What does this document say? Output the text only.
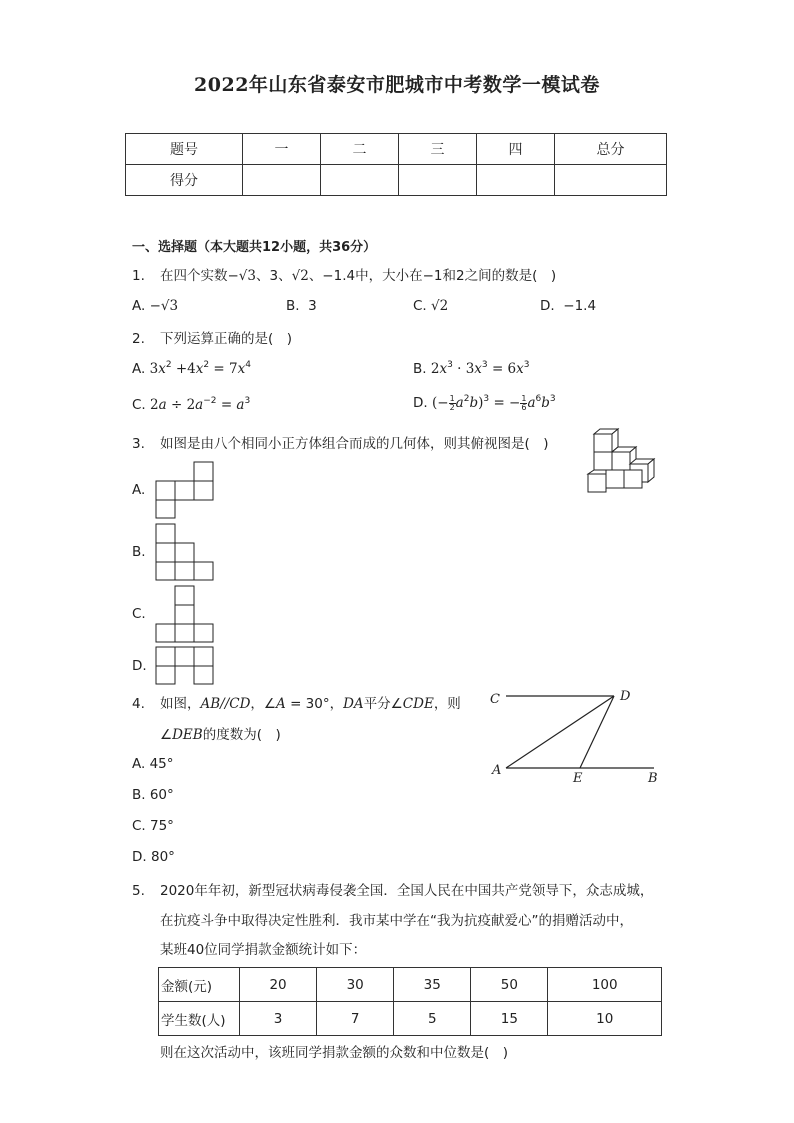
2022年山东省泰安市肥城市中考数学一模试卷
题号	一	二	三	四	总分
得分					
一、选择题（本大题共12小题，共36分）
1. 在四个实数−√3、3、√2、−1.4中，大小在−1和2之间的数是(　)
A. −√3	B. 3	C. √2	D. −1.4
2. 下列运算正确的是(　)
A. $3x^2 +4x^2 = 7x^4$	B. $2x^3 \cdot 3x^3 = 6x^3$
C. $2a \div 2a^{-2} = a^3$	D. (− $\frac{1}{2} a^2b)^3$ = − $\frac{1}{6} a^6b^3$
3. 如图是由八个相同小正方体组合而成的几何体，则其俯视图是(　)
A.
B.
C.
D.
4. 如图，AB//CD，∠A = 30°，DA平分∠CDE，则
∠DEB的度数为(　)
A. 45°
B. 60°
C. 75°
D. 80°
C	D
A
E	B
5. 2020年年初，新型冠状病毒侵袭全国．全国人民在中国共产党领导下，众志成城，
在抗疫斗争中取得决定性胜利．我市某中学在“我为抗疫献爱心”的捐赠活动中，
某班40位同学捐款金额统计如下：
金额(元)	20	30	35	50	100
学生数(人)	3	7	5	15	10
则在这次活动中，该班同学捐款金额的众数和中位数是(　)
